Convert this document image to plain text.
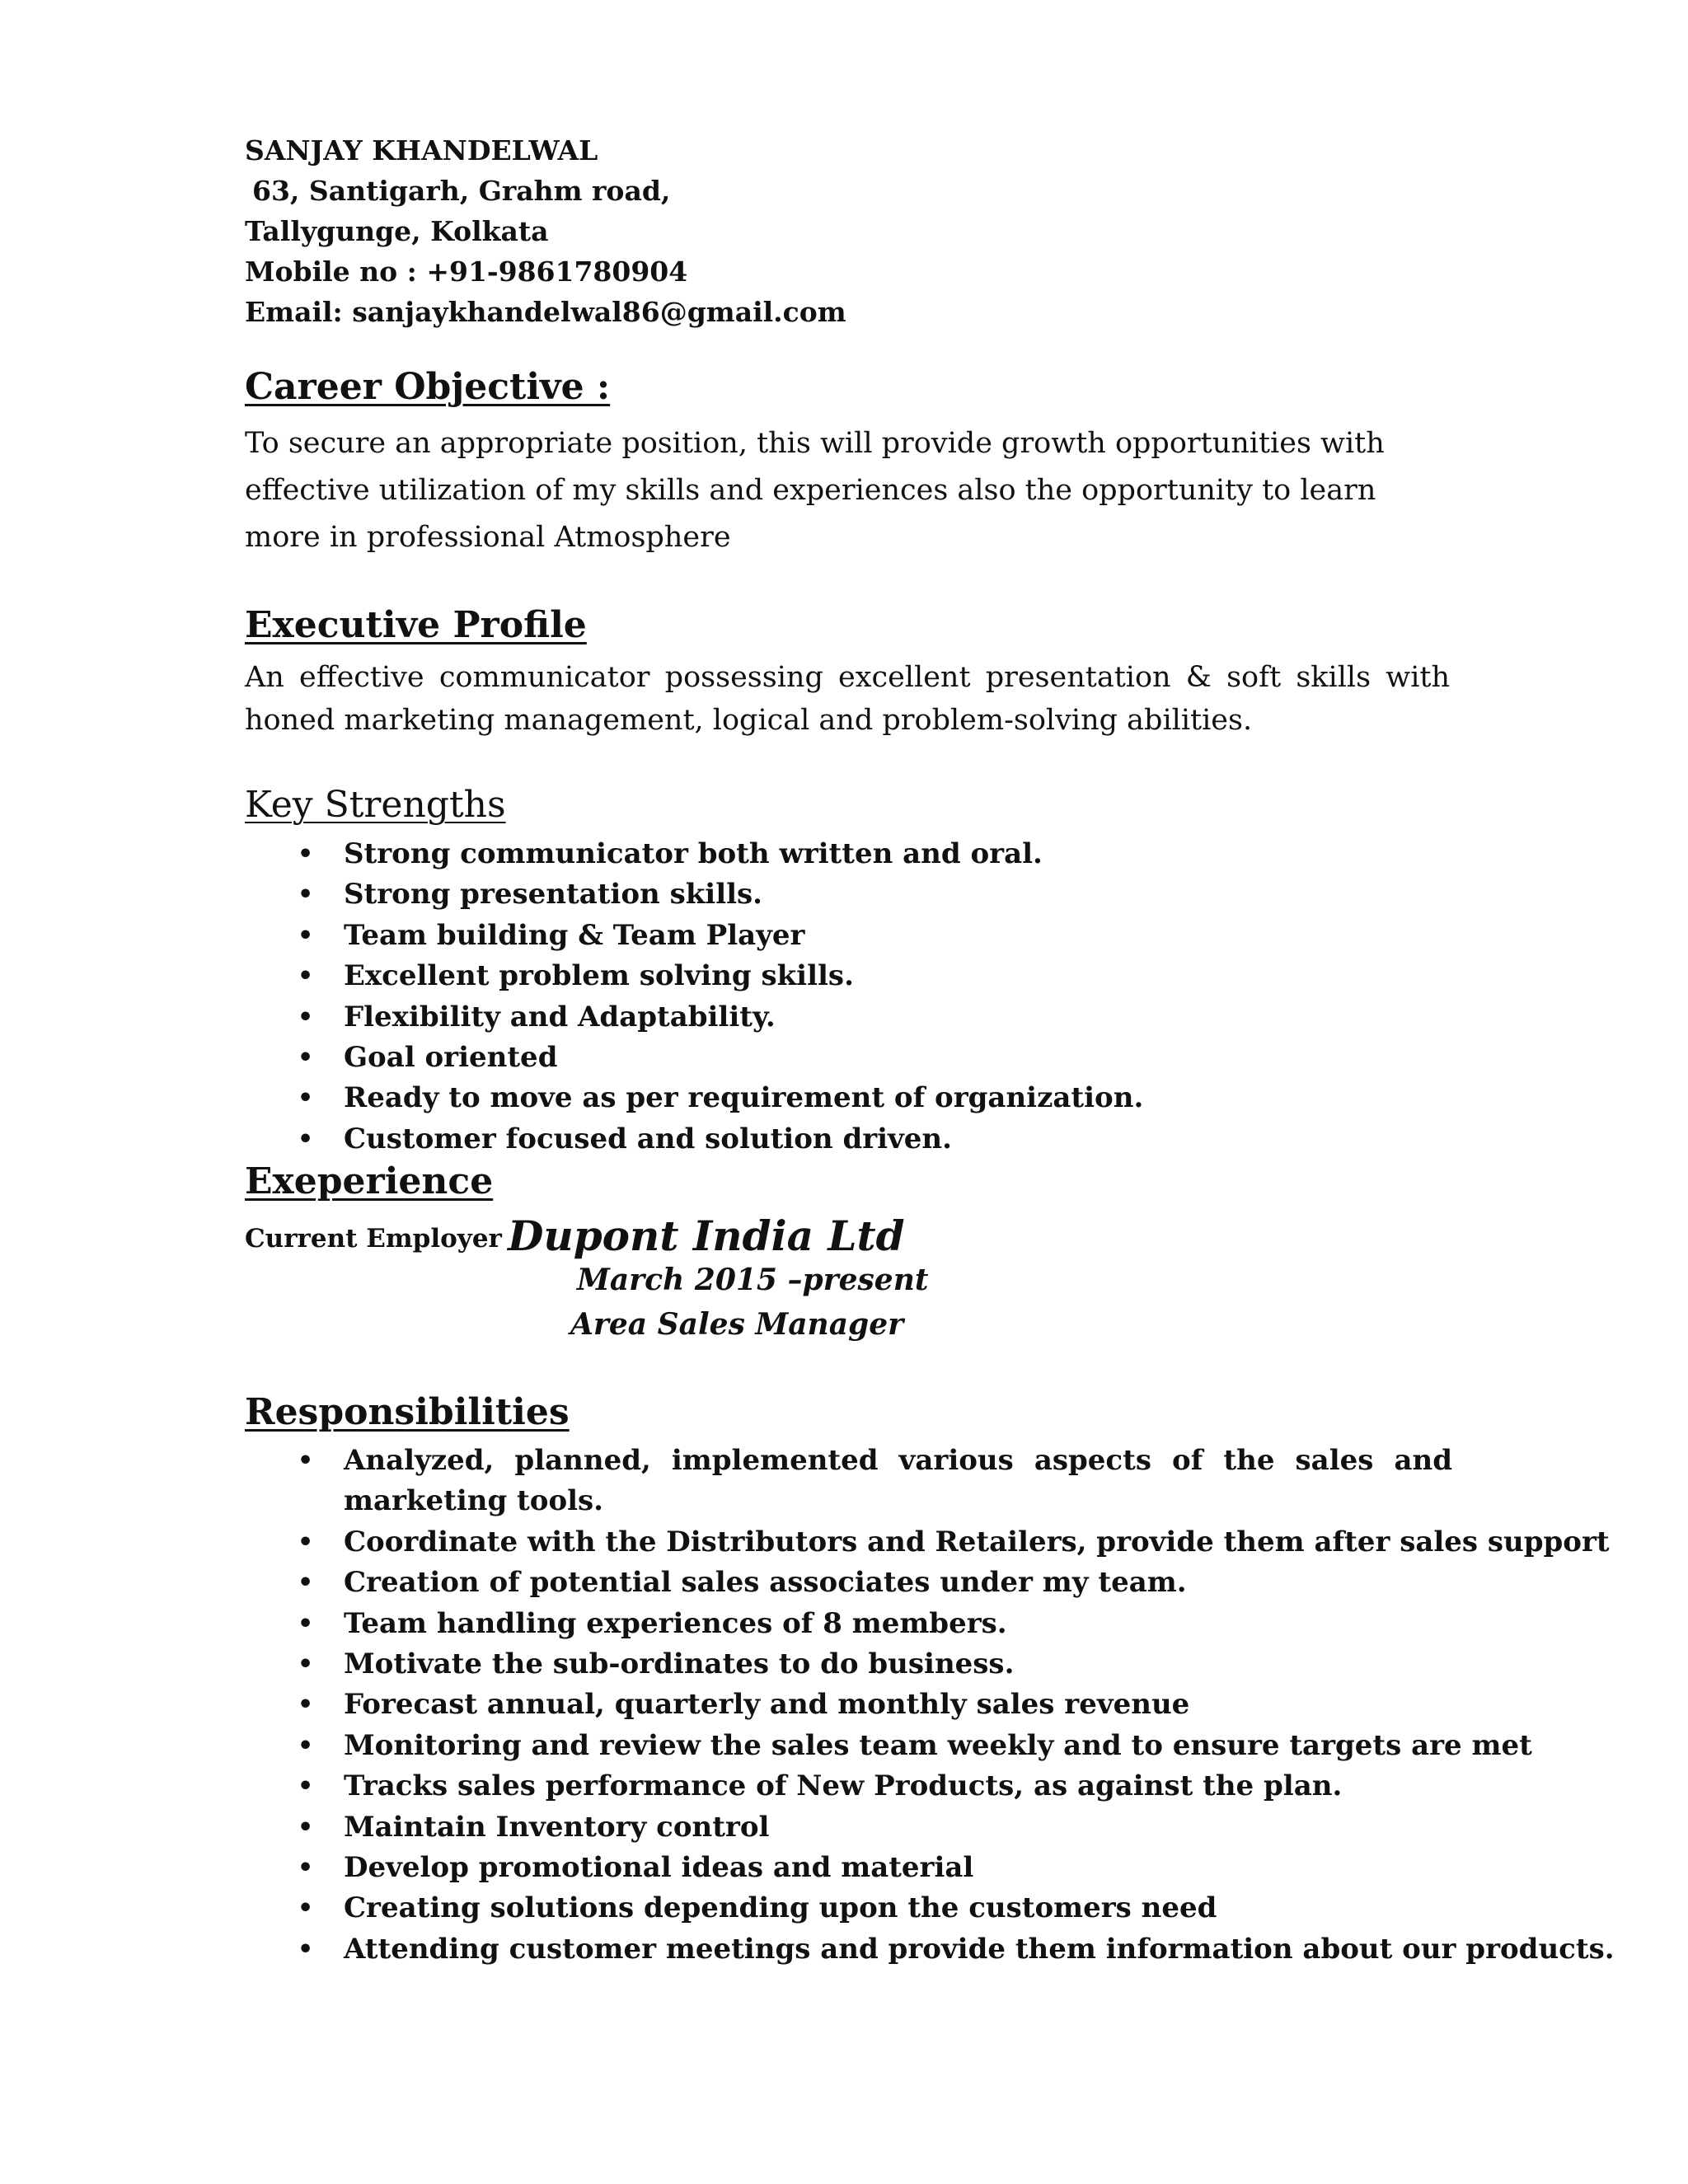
SANJAY KHANDELWAL
63, Santigarh, Grahm road,
Tallygunge, Kolkata
Mobile no : +91-9861780904
Email: sanjaykhandelwal86@gmail.com
Career Objective :
To secure an appropriate position, this will provide growth opportunities with effective utilization of my skills and experiences also the opportunity to learn more in professional Atmosphere
Executive Profile
An effective communicator possessing excellent presentation & soft skills with honed marketing management, logical and problem-solving abilities.
Key Strengths
• Strong communicator both written and oral.
• Strong presentation skills.
• Team building & Team Player
• Excellent problem solving skills.
• Flexibility and Adaptability.
• Goal oriented
• Ready to move as per requirement of organization.
• Customer focused and solution driven.
Exeperience
Current Employer :
Dupont India Ltd
March 2015 –present
Area Sales Manager
Responsibilities
• Analyzed, planned, implemented various aspects of the sales and marketing tools.
• Coordinate with the Distributors and Retailers, provide them after sales support
• Creation of potential sales associates under my team.
• Team handling experiences of 8 members.
• Motivate the sub-ordinates to do business.
• Forecast annual, quarterly and monthly sales revenue
• Monitoring and review the sales team weekly and to ensure targets are met
• Tracks sales performance of New Products, as against the plan.
• Maintain Inventory control
• Develop promotional ideas and material
• Creating solutions depending upon the customers need
• Attending customer meetings and provide them information about our products.
